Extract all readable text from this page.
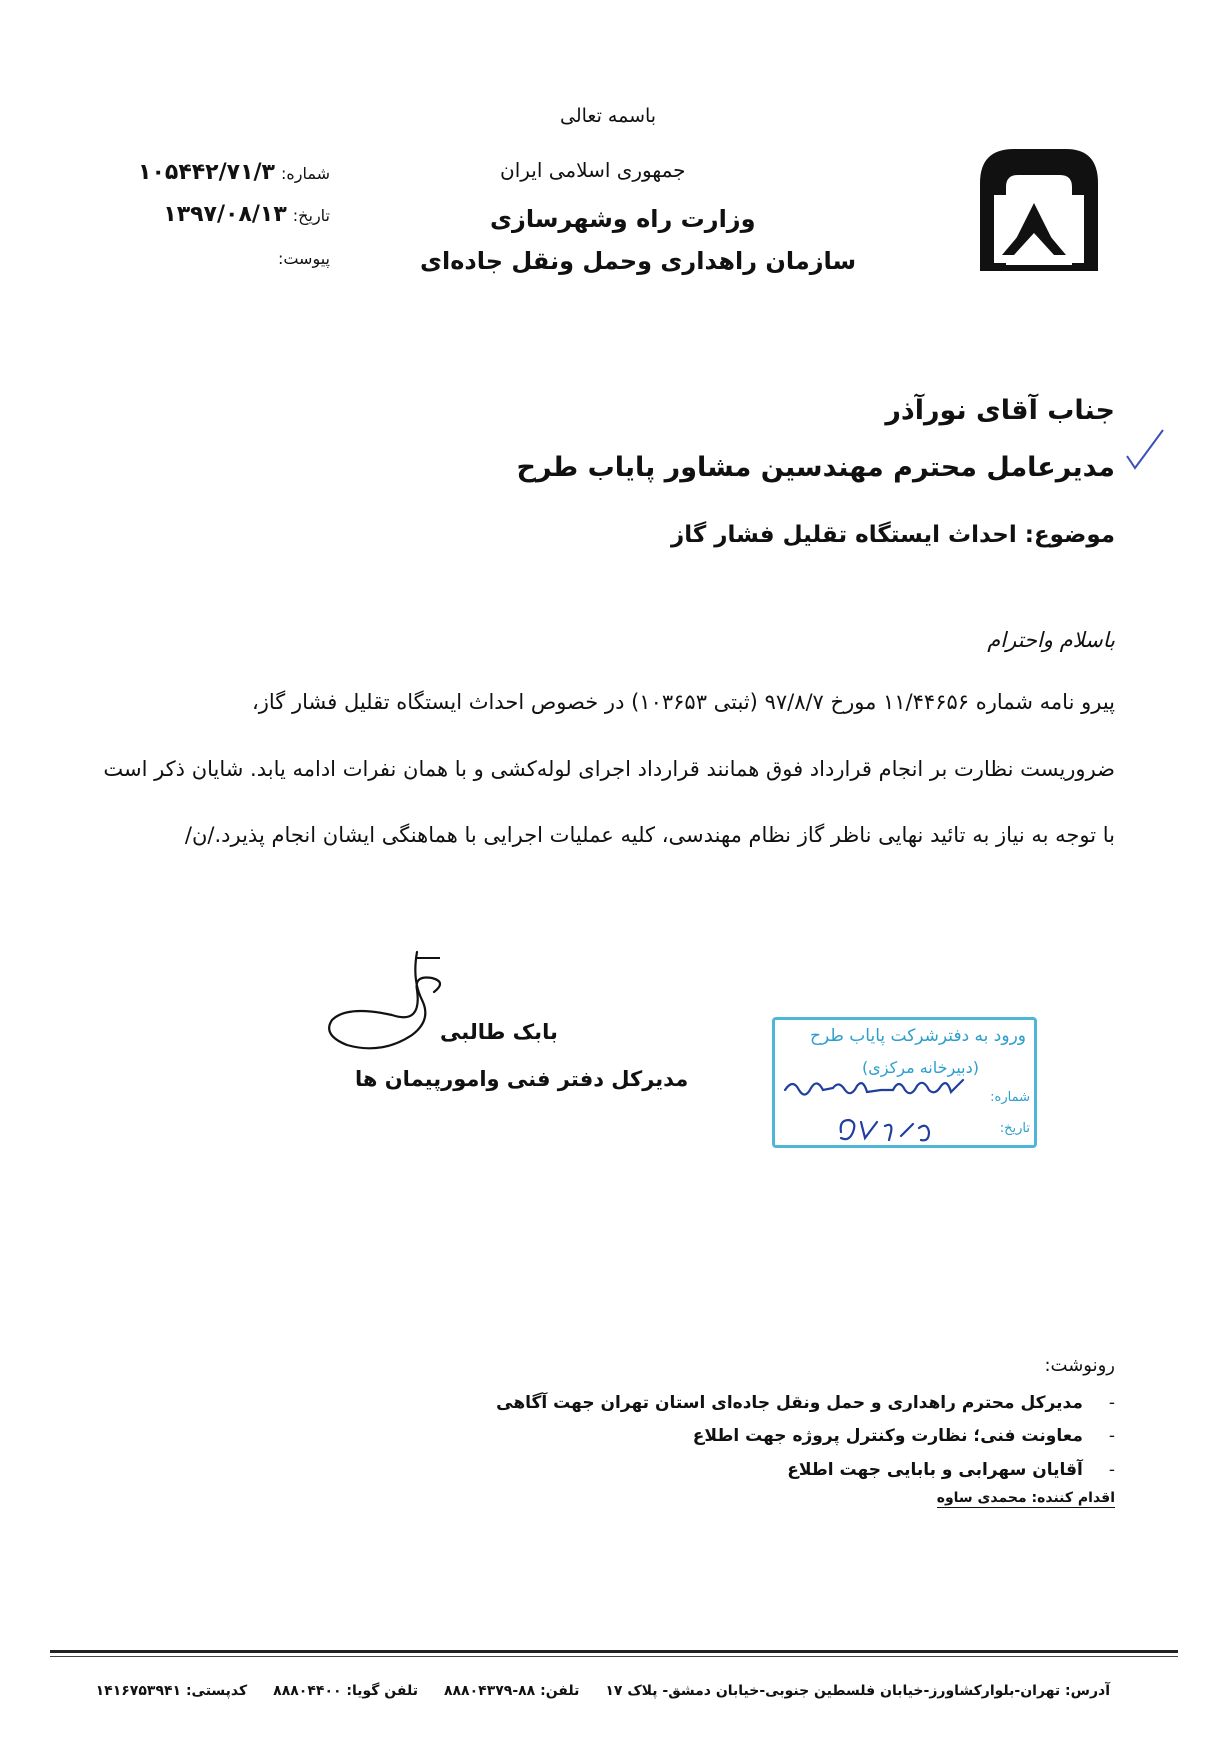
باسمه تعالی
جمهوری اسلامی ایران
وزارت راه وشهرسازی
سازمان راهداری وحمل ونقل جاده‌ای
شماره:۱۰۵۴۴۲/۷۱/۳
تاریخ:۱۳۹۷/۰۸/۱۳
پیوست:
جناب آقای نورآذر
مدیرعامل محترم مهندسین مشاور پایاب طرح
موضوع: احداث ایستگاه تقلیل فشار گاز
باسلام واحترام
پیرو نامه شماره ۱۱/۴۴۶۵۶ مورخ ۹۷/۸/۷ (ثبتی ۱۰۳۶۵۳) در خصوص احداث ایستگاه تقلیل فشار گاز،
ضروریست نظارت بر انجام قرارداد فوق همانند قرارداد اجرای لوله‌کشی و با همان نفرات ادامه یابد. شایان ذکر است
با توجه به نیاز به تائید نهایی ناظر گاز نظام مهندسی، کلیه عملیات اجرایی با هماهنگی ایشان انجام پذیرد./ن/
بابک طالبی
مدیرکل دفتر فنی وامورپیمان ها
ورود به دفترشرکت پایاب طرح
(دبیرخانه مرکزی)
شماره:
تاریخ:
رونوشت:
-مدیرکل محترم راهداری و حمل ونقل جاده‌ای استان تهران جهت آگاهی
-معاونت فنی؛ نظارت وکنترل پروژه جهت اطلاع
-آقایان سهرابی و بابایی جهت اطلاع
اقدام کننده: محمدی ساوه
آدرس: تهران-بلوارکشاورز-خیابان فلسطین جنوبی-خیابان دمشق- پلاک ۱۷تلفن: ۸۸-۸۸۸۰۴۳۷۹تلفن گویا: ۸۸۸۰۴۴۰۰کدپستی: ۱۴۱۶۷۵۳۹۴۱
